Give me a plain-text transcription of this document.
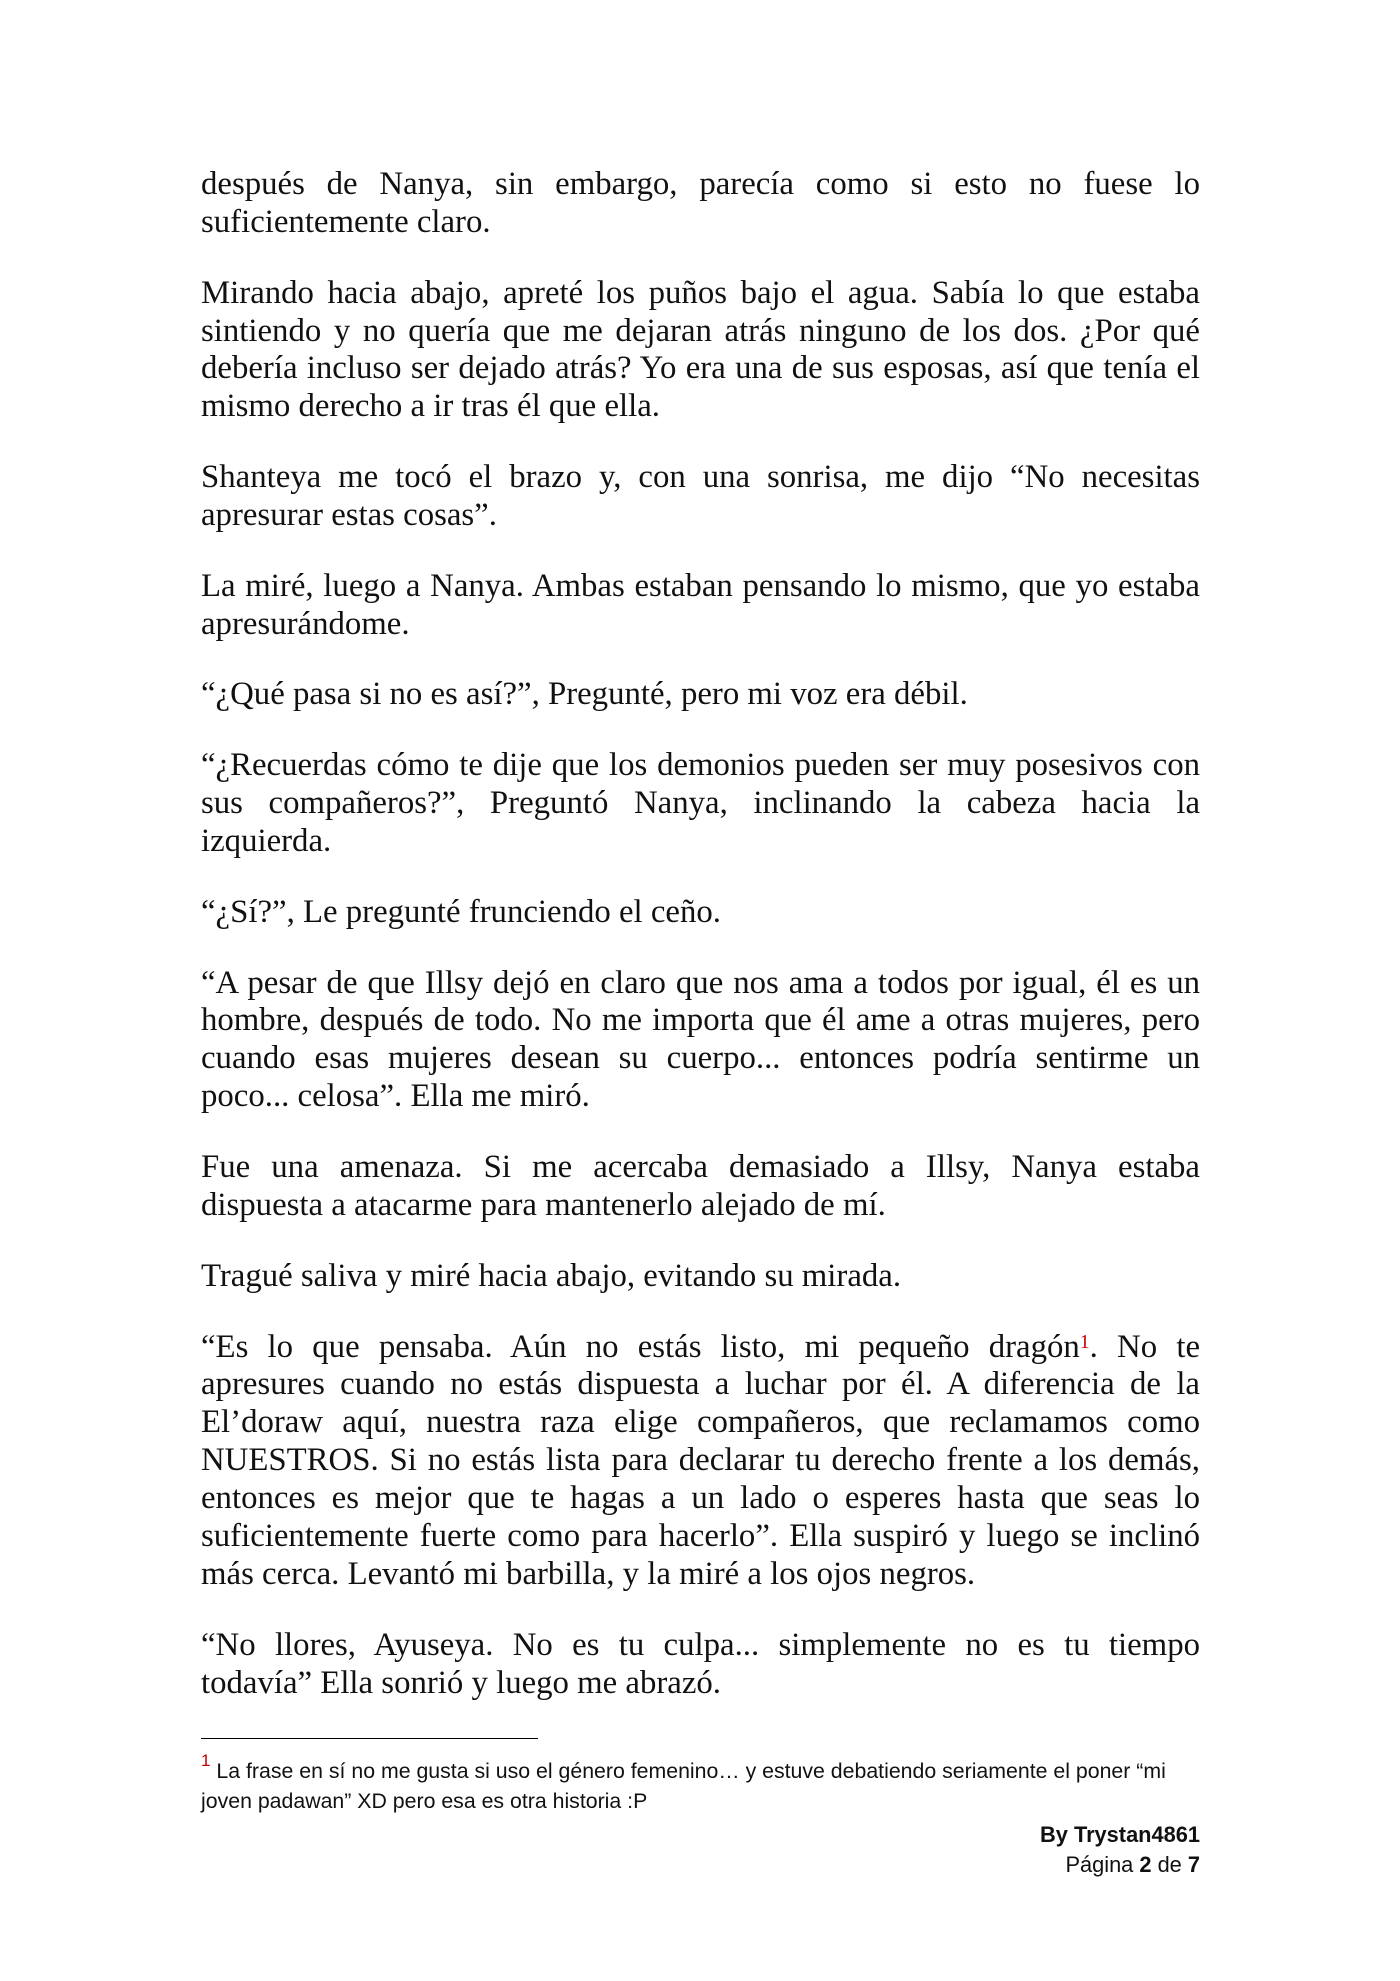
después de Nanya, sin embargo, parecía como si esto no fuese lo
suficientemente claro.
Mirando hacia abajo, apreté los puños bajo el agua. Sabía lo que estaba
sintiendo y no quería que me dejaran atrás ninguno de los dos. ¿Por qué
debería incluso ser dejado atrás? Yo era una de sus esposas, así que tenía el
mismo derecho a ir tras él que ella.
Shanteya me tocó el brazo y, con una sonrisa, me dijo “No necesitas
apresurar estas cosas”.
La miré, luego a Nanya. Ambas estaban pensando lo mismo, que yo estaba
apresurándome.
“¿Qué pasa si no es así?”, Pregunté, pero mi voz era débil.
“¿Recuerdas cómo te dije que los demonios pueden ser muy posesivos con
sus compañeros?”, Preguntó Nanya, inclinando la cabeza hacia la
izquierda.
“¿Sí?”, Le pregunté frunciendo el ceño.
“A pesar de que Illsy dejó en claro que nos ama a todos por igual, él es un
hombre, después de todo. No me importa que él ame a otras mujeres, pero
cuando esas mujeres desean su cuerpo... entonces podría sentirme un
poco... celosa”. Ella me miró.
Fue una amenaza. Si me acercaba demasiado a Illsy, Nanya estaba
dispuesta a atacarme para mantenerlo alejado de mí.
Tragué saliva y miré hacia abajo, evitando su mirada.
“Es lo que pensaba. Aún no estás listo, mi pequeño dragón$^1$. No te
apresures cuando no estás dispuesta a luchar por él. A diferencia de la
El’doraw aquí, nuestra raza elige compañeros, que reclamamos como
NUESTROS. Si no estás lista para declarar tu derecho frente a los demás,
entonces es mejor que te hagas a un lado o esperes hasta que seas lo
suficientemente fuerte como para hacerlo”. Ella suspiró y luego se inclinó
más cerca. Levantó mi barbilla, y la miré a los ojos negros.
“No llores, Ayuseya. No es tu culpa... simplemente no es tu tiempo
todavía” Ella sonrió y luego me abrazó.
$^1$ La frase en sí no me gusta si uso el género femenino… y estuve debatiendo seriamente el poner “mi
joven padawan” XD pero esa es otra historia :P
By Trystan4861
Página 2 de 7
